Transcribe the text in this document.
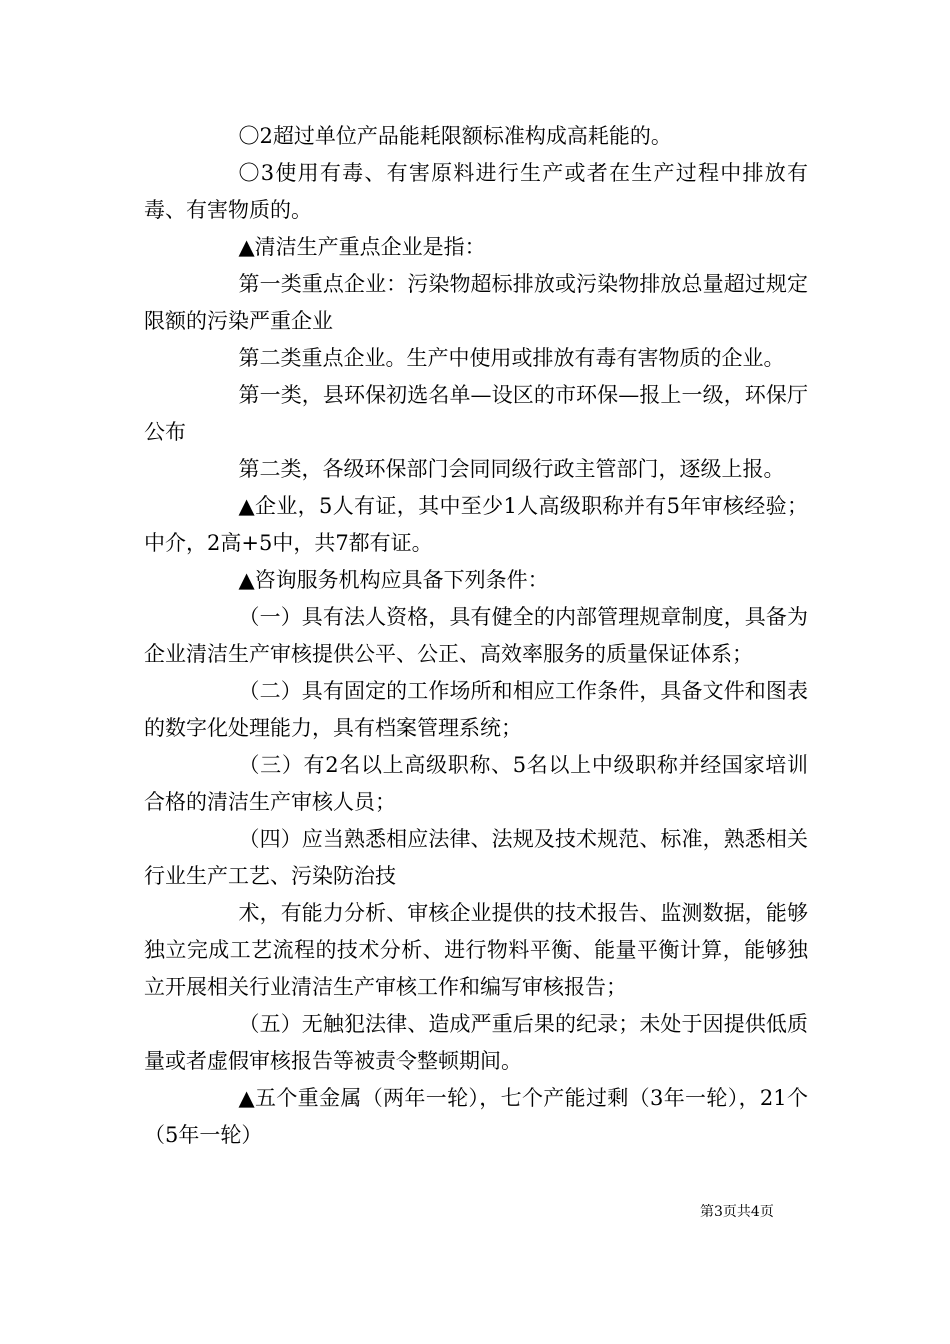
〇2超过单位产品能耗限额标准构成高耗能的。

〇3使用有毒、有害原料进行生产或者在生产过程中排放有毒、有害物质的。

▲清洁生产重点企业是指：

第一类重点企业：污染物超标排放或污染物排放总量超过规定限额的污染严重企业

第二类重点企业。生产中使用或排放有毒有害物质的企业。

第一类，县环保初选名单—设区的市环保—报上一级，环保厅公布

第二类，各级环保部门会同同级行政主管部门，逐级上报。

▲企业，5人有证，其中至少1人高级职称并有5年审核经验；中介，2高+5中，共7都有证。

▲咨询服务机构应具备下列条件：

（一）具有法人资格，具有健全的内部管理规章制度，具备为企业清洁生产审核提供公平、公正、高效率服务的质量保证体系；

（二）具有固定的工作场所和相应工作条件，具备文件和图表的数字化处理能力，具有档案管理系统；

（三）有2名以上高级职称、5名以上中级职称并经国家培训合格的清洁生产审核人员；

（四）应当熟悉相应法律、法规及技术规范、标准，熟悉相关行业生产工艺、污染防治技

术，有能力分析、审核企业提供的技术报告、监测数据，能够独立完成工艺流程的技术分析、进行物料平衡、能量平衡计算，能够独立开展相关行业清洁生产审核工作和编写审核报告；

（五）无触犯法律、造成严重后果的纪录；未处于因提供低质量或者虚假审核报告等被责令整顿期间。

▲五个重金属（两年一轮），七个产能过剩（3年一轮），21个（5年一轮）

第3页共4页
